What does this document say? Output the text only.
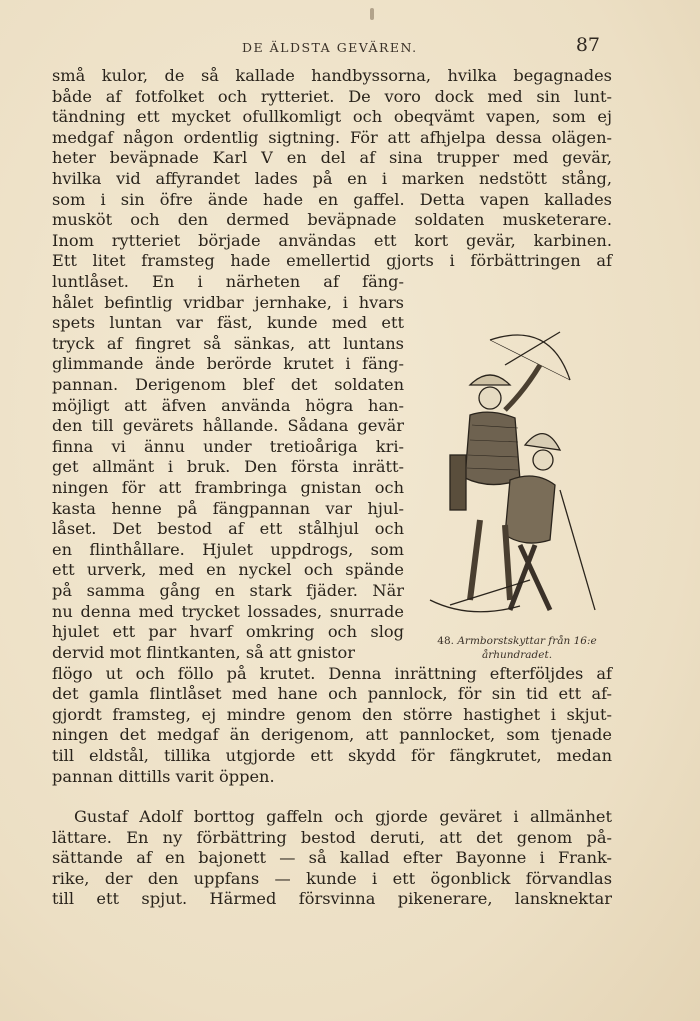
DE ÄLDSTA GEVÄREN.	87
små kulor, de så kallade handbyssorna, hvilka begagnades
både af fotfolket och rytteriet. De voro dock med sin lunt-
tändning ett mycket ofullkomligt och obeqvämt vapen, som ej
medgaf någon ordentlig sigtning. För att afhjelpa dessa olägen-
heter beväpnade Karl V en del af sina trupper med gevär,
hvilka vid affyrandet lades på en i marken nedstött stång,
som i sin öfre ände hade en gaffel. Detta vapen kallades
musköt och den dermed beväpnade soldaten musketerare.
Inom rytteriet började användas ett kort gevär, karbinen.
Ett litet framsteg hade emellertid gjorts i förbättringen af
luntlåset. En i närheten af fäng-
hålet befintlig vridbar jernhake, i hvars
spets luntan var fäst, kunde med ett
tryck af fingret så sänkas, att luntans
glimmande ände berörde krutet i fäng-
pannan. Derigenom blef det soldaten
möjligt att äfven använda högra han-
den till gevärets hållande. Sådana gevär
finna vi ännu under tretioåriga kri-
get allmänt i bruk. Den första inrätt-
ningen för att frambringa gnistan och
kasta henne på fängpannan var hjul-
låset. Det bestod af ett stålhjul och
en flinthållare. Hjulet uppdrogs, som
ett urverk, med en nyckel och spände
på samma gång en stark fjäder. När
nu denna med trycket lossades, snurrade
hjulet ett par hvarf omkring och slog
dervid mot flintkanten, så att gnistor
flögo ut och föllo på krutet. Denna inrättning efterföljdes af
det gamla flintlåset med hane och pannlock, för sin tid ett af-
gjordt framsteg, ej mindre genom den större hastighet i skjut-
ningen det medgaf än derigenom, att pannlocket, som tjenade
till eldstål, tillika utgjorde ett skydd för fängkrutet, medan
pannan dittills varit öppen.
Gustaf Adolf borttog gaffeln och gjorde geväret i allmänhet
lättare. En ny förbättring bestod deruti, att det genom på-
sättande af en bajonett — så kallad efter Bayonne i Frank-
rike, der den uppfans — kunde i ett ögonblick förvandlas
till ett spjut. Härmed försvinna pikenerare, lansknektar
48. Armborstskyttar från 16:e
århundradet.
